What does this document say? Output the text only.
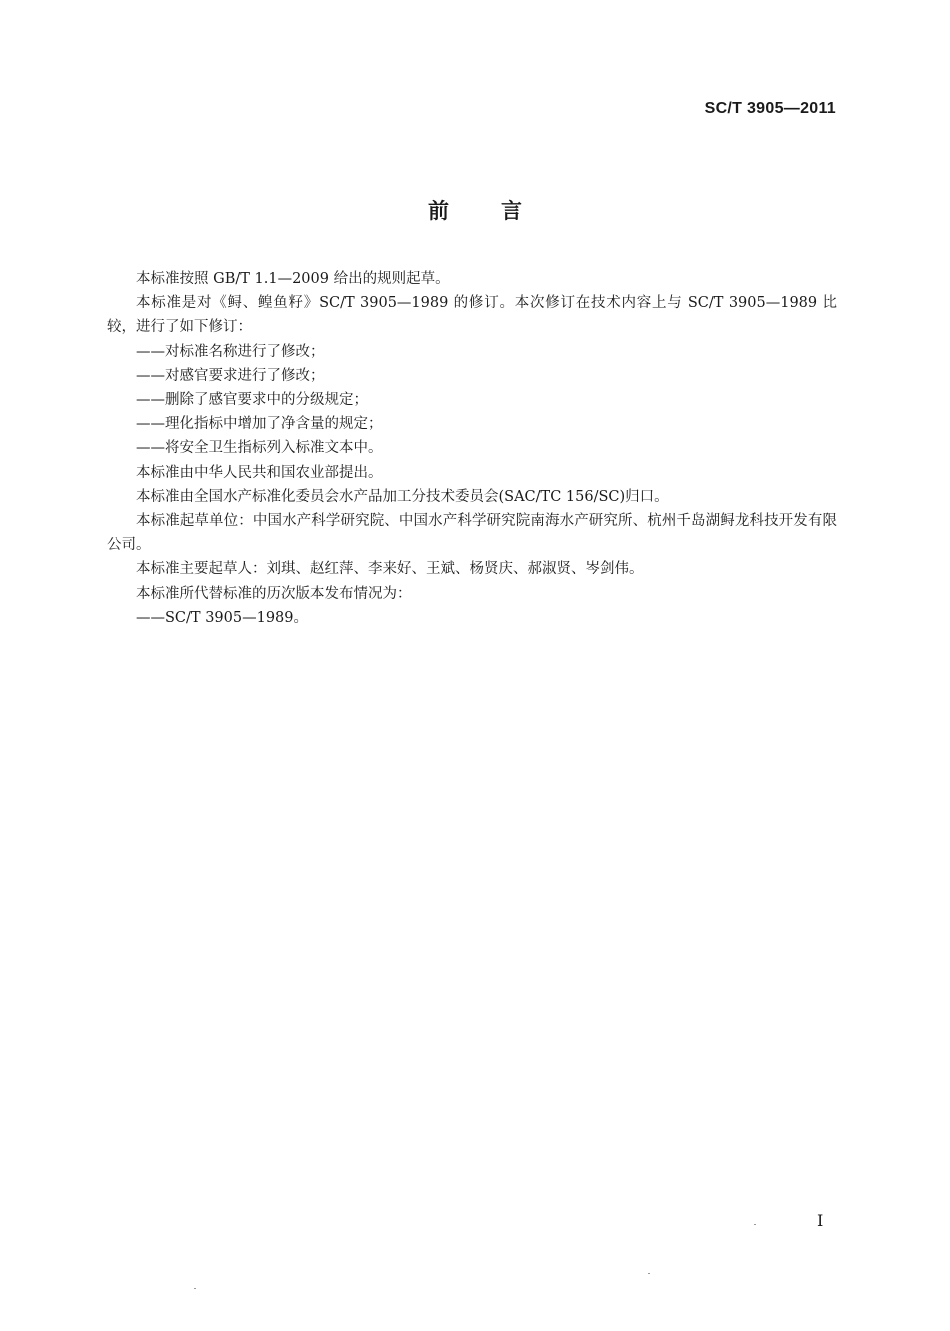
SC/T 3905—2011
前言

本标准按照 GB/T 1.1—2009 给出的规则起草。

本标准是对《鲟、鳇鱼籽》SC/T 3905—1989 的修订。本次修订在技术内容上与 SC/T 3905—1989 比较，进行了如下修订：

——对标准名称进行了修改；

——对感官要求进行了修改；

——删除了感官要求中的分级规定；

——理化指标中增加了净含量的规定；

——将安全卫生指标列入标准文本中。

本标准由中华人民共和国农业部提出。

本标准由全国水产标准化委员会水产品加工分技术委员会(SAC/TC 156/SC)归口。

本标准起草单位：中国水产科学研究院、中国水产科学研究院南海水产研究所、杭州千岛湖鲟龙科技开发有限公司。

本标准主要起草人：刘琪、赵红萍、李来好、王斌、杨贤庆、郝淑贤、岑剑伟。

本标准所代替标准的历次版本发布情况为：

——SC/T 3905—1989。

I
